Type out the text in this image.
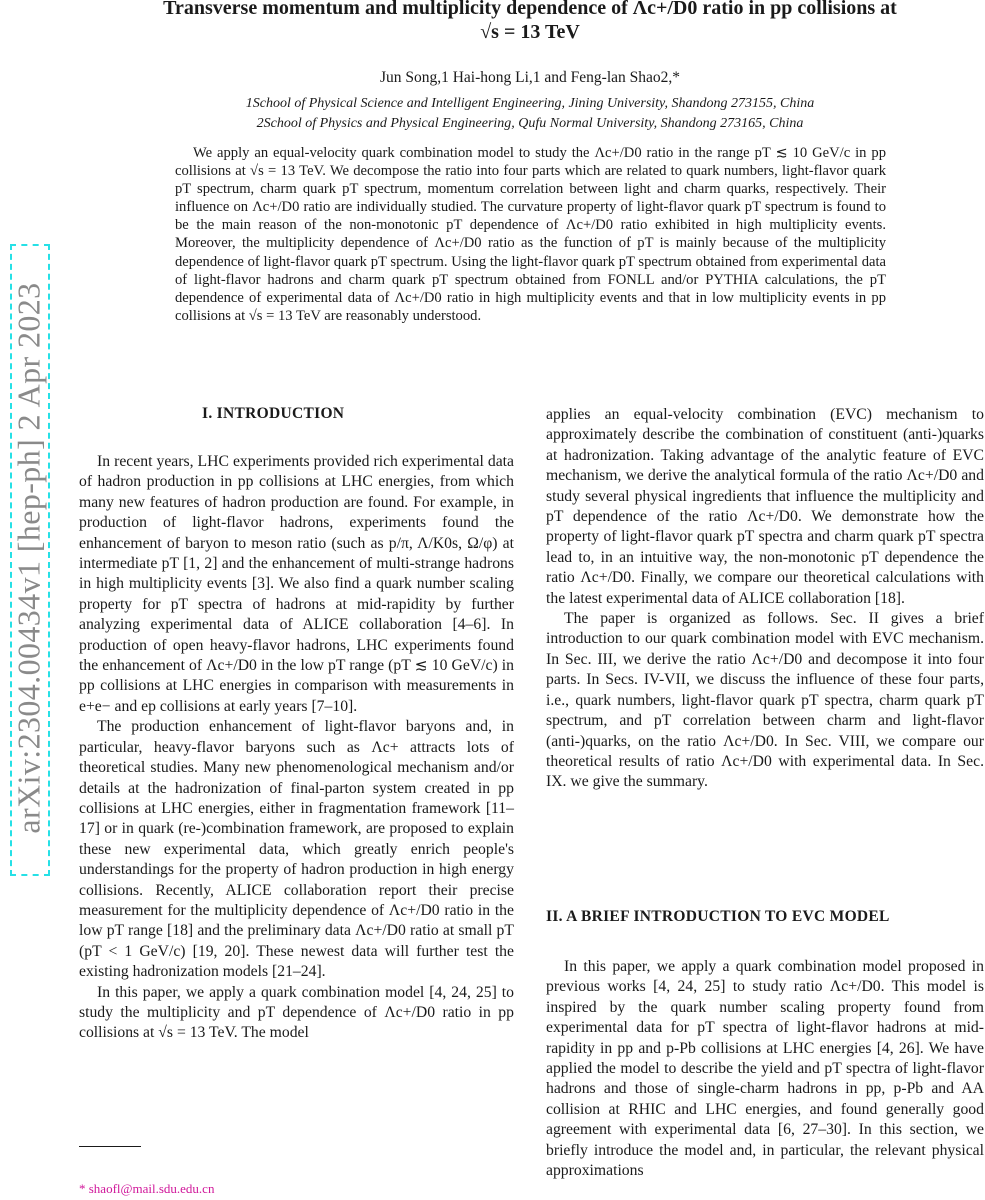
Transverse momentum and multiplicity dependence of Λc+/D0 ratio in pp collisions at
√s = 13 TeV
Jun Song,1 Hai-hong Li,1 and Feng-lan Shao2,*
1School of Physical Science and Intelligent Engineering, Jining University, Shandong 273155, China
2School of Physics and Physical Engineering, Qufu Normal University, Shandong 273165, China
We apply an equal-velocity quark combination model to study the Λc+/D0 ratio in the range pT ≲ 10 GeV/c in pp collisions at √s = 13 TeV. We decompose the ratio into four parts which are related to quark numbers, light-flavor quark pT spectrum, charm quark pT spectrum, momentum correlation between light and charm quarks, respectively. Their influence on Λc+/D0 ratio are individually studied. The curvature property of light-flavor quark pT spectrum is found to be the main reason of the non-monotonic pT dependence of Λc+/D0 ratio exhibited in high multiplicity events. Moreover, the multiplicity dependence of Λc+/D0 ratio as the function of pT is mainly because of the multiplicity dependence of light-flavor quark pT spectrum. Using the light-flavor quark pT spectrum obtained from experimental data of light-flavor hadrons and charm quark pT spectrum obtained from FONLL and/or PYTHIA calculations, the pT dependence of experimental data of Λc+/D0 ratio in high multiplicity events and that in low multiplicity events in pp collisions at √s = 13 TeV are reasonably understood.
arXiv:2304.00434v1 [hep-ph] 2 Apr 2023	I. INTRODUCTION

In recent years, LHC experiments provided rich experimental data of hadron production in pp collisions at LHC energies, from which many new features of hadron production are found. For example, in production of light-flavor hadrons, experiments found the enhancement of baryon to meson ratio (such as p/π, Λ/K0s, Ω/φ) at intermediate pT [1, 2] and the enhancement of multi-strange hadrons in high multiplicity events [3]. We also find a quark number scaling property for pT spectra of hadrons at mid-rapidity by further analyzing experimental data of ALICE collaboration [4–6]. In production of open heavy-flavor hadrons, LHC experiments found the enhancement of Λc+/D0 in the low pT range (pT ≲ 10 GeV/c) in pp collisions at LHC energies in comparison with measurements in e+e− and ep collisions at early years [7–10].

The production enhancement of light-flavor baryons and, in particular, heavy-flavor baryons such as Λc+ attracts lots of theoretical studies. Many new phenomenological mechanism and/or details at the hadronization of final-parton system created in pp collisions at LHC energies, either in fragmentation framework [11–17] or in quark (re-)combination framework, are proposed to explain these new experimental data, which greatly enrich people's understandings for the property of hadron production in high energy collisions. Recently, ALICE collaboration report their precise measurement for the multiplicity dependence of Λc+/D0 ratio in the low pT range [18] and the preliminary data Λc+/D0 ratio at small pT (pT < 1 GeV/c) [19, 20]. These newest data will further test the existing hadronization models [21–24].

In this paper, we apply a quark combination model [4, 24, 25] to study the multiplicity and pT dependence of Λc+/D0 ratio in pp collisions at √s = 13 TeV. The model

* shaofl@mail.sdu.edu.cn

applies an equal-velocity combination (EVC) mechanism to approximately describe the combination of constituent (anti-)quarks at hadronization. Taking advantage of the analytic feature of EVC mechanism, we derive the analytical formula of the ratio Λc+/D0 and study several physical ingredients that influence the multiplicity and pT dependence of the ratio Λc+/D0. We demonstrate how the property of light-flavor quark pT spectra and charm quark pT spectra lead to, in an intuitive way, the non-monotonic pT dependence the ratio Λc+/D0. Finally, we compare our theoretical calculations with the latest experimental data of ALICE collaboration [18].

The paper is organized as follows. Sec. II gives a brief introduction to our quark combination model with EVC mechanism. In Sec. III, we derive the ratio Λc+/D0 and decompose it into four parts. In Secs. IV-VII, we discuss the influence of these four parts, i.e., quark numbers, light-flavor quark pT spectra, charm quark pT spectrum, and pT correlation between charm and light-flavor (anti-)quarks, on the ratio Λc+/D0. In Sec. VIII, we compare our theoretical results of ratio Λc+/D0 with experimental data. In Sec. IX. we give the summary.

II. A BRIEF INTRODUCTION TO EVC MODEL

In this paper, we apply a quark combination model proposed in previous works [4, 24, 25] to study ratio Λc+/D0. This model is inspired by the quark number scaling property found from experimental data for pT spectra of light-flavor hadrons at mid-rapidity in pp and p-Pb collisions at LHC energies [4, 26]. We have applied the model to describe the yield and pT spectra of light-flavor hadrons and those of single-charm hadrons in pp, p-Pb and AA collision at RHIC and LHC energies, and found generally good agreement with experimental data [6, 27–30]. In this section, we briefly introduce the model and, in particular, the relevant physical approximations
